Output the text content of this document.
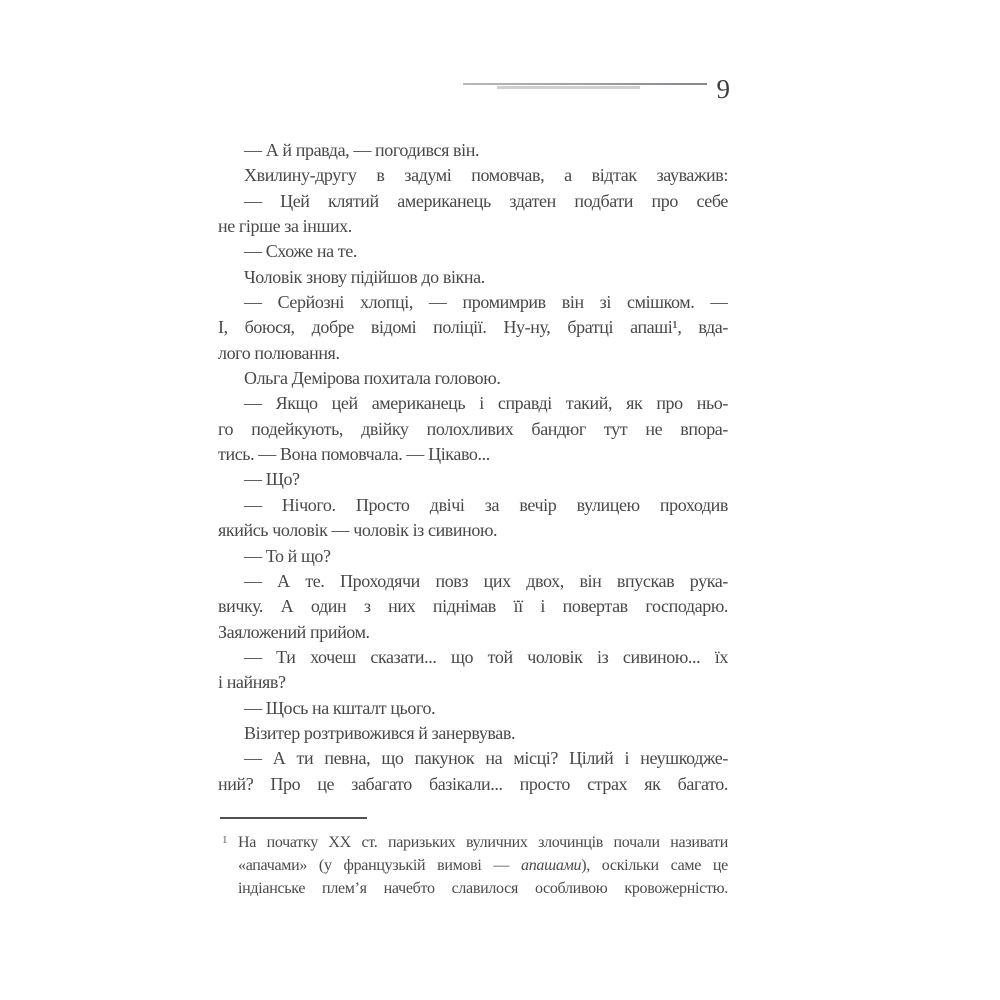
9
— А й правда, — погодився він.
Хвилину-другу в задумі помовчав, а відтак зауважив:
— Цей клятий американець здатен подбати про себе
не гірше за інших.
— Схоже на те.
Чоловік знову підійшов до вікна.
— Серйозні хлопці, — промимрив він зі смішком. —
І, боюся, добре відомі поліції. Ну-ну, братці апаші¹, вда-
лого полювання.
Ольга Демірова похитала головою.
— Якщо цей американець і справді такий, як про ньо-
го подейкують, двійку полохливих бандюг тут не впора-
тись. — Вона помовчала. — Цікаво...
— Що?
— Нічого. Просто двічі за вечір вулицею проходив
якийсь чоловік — чоловік із сивиною.
— То й що?
— А те. Проходячи повз цих двох, він впускав рука-
вичку. А один з них піднімав її і повертав господарю.
Заяложений прийом.
— Ти хочеш сказати... що той чоловік із сивиною... їх
і найняв?
— Щось на кшталт цього.
Візитер розтривожився й занервував.
— А ти певна, що пакунок на місці? Цілий і неушкодже-
ний? Про це забагато базікали... просто страх як багато.
1 На початку XX ст. паризьких вуличних злочинців почали називати
«апачами» (у французькій вимові — апашами), оскільки саме це
індіанське плем’я начебто славилося особливою кровожерністю.
